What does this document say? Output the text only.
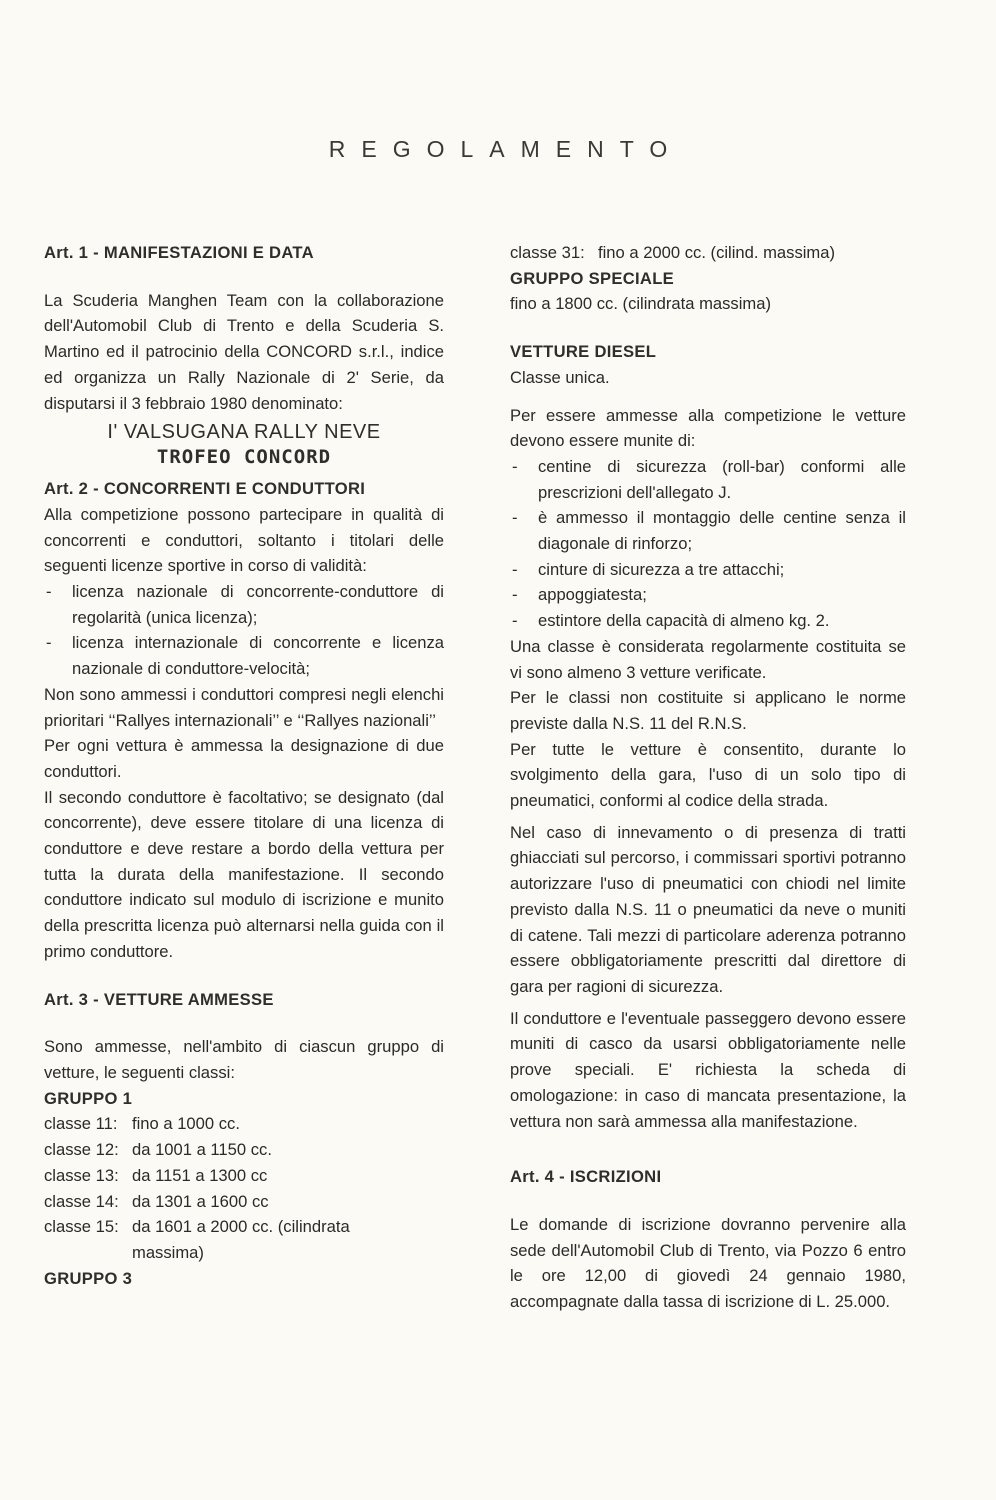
REGOLAMENTO
Art. 1 - MANIFESTAZIONI E DATA
La Scuderia Manghen Team con la collaborazione dell'Automobil Club di Trento e della Scuderia S. Martino ed il patrocinio della CONCORD s.r.l., indice ed organizza un Rally Nazionale di 2' Serie, da disputarsi il 3 febbraio 1980 denominato:
I' VALSUGANA RALLY NEVE
TROFEO CONCORD
Art. 2 - CONCORRENTI E CONDUTTORI
Alla competizione possono partecipare in qualità di concorrenti e conduttori, soltanto i titolari delle seguenti licenze sportive in corso di validità:
-	licenza nazionale di concorrente-conduttore di regolarità (unica licenza);
-	licenza internazionale di concorrente e licenza nazionale di conduttore-velocità;
Non sono ammessi i conduttori compresi negli elenchi prioritari ‘‘Rallyes internazionali’’ e ‘‘Rallyes nazionali’’
Per ogni vettura è ammessa la designazione di due conduttori.
Il secondo conduttore è facoltativo; se designato (dal concorrente), deve essere titolare di una licenza di conduttore e deve restare a bordo della vettura per tutta la durata della manifestazione. Il secondo conduttore indicato sul modulo di iscrizione e munito della prescritta licenza può alternarsi nella guida con il primo conduttore.
Art. 3 - VETTURE AMMESSE
Sono ammesse, nell'ambito di ciascun gruppo di vetture, le seguenti classi:
GRUPPO 1
classe 11: fino a 1000 cc.
classe 12: da 1001 a 1150 cc.
classe 13: da 1151 a 1300 cc
classe 14: da 1301 a 1600 cc
classe 15: da 1601 a 2000 cc. (cilindrata
massima)
GRUPPO 3
classe 31: fino a 2000 cc. (cilind. massima)
GRUPPO SPECIALE
fino a 1800 cc. (cilindrata massima)
VETTURE DIESEL
Classe unica.
Per essere ammesse alla competizione le vetture devono essere munite di:
-	centine di sicurezza (roll-bar) conformi alle prescrizioni dell'allegato J.
-	è ammesso il montaggio delle centine senza il diagonale di rinforzo;
-	cinture di sicurezza a tre attacchi;
-	appoggiatesta;
-	estintore della capacità di almeno kg. 2.
Una classe è considerata regolarmente costituita se vi sono almeno 3 vetture verificate.
Per le classi non costituite si applicano le norme previste dalla N.S. 11 del R.N.S.
Per tutte le vetture è consentito, durante lo svolgimento della gara, l'uso di un solo tipo di pneumatici, conformi al codice della strada.
Nel caso di innevamento o di presenza di tratti ghiacciati sul percorso, i commissari sportivi potranno autorizzare l'uso di pneumatici con chiodi nel limite previsto dalla N.S. 11 o pneumatici da neve o muniti di catene. Tali mezzi di particolare aderenza potranno essere obbligatoriamente prescritti dal direttore di gara per ragioni di sicurezza.
Il conduttore e l'eventuale passeggero devono essere muniti di casco da usarsi obbligatoriamente nelle prove speciali. E' richiesta la scheda di omologazione: in caso di mancata presentazione, la vettura non sarà ammessa alla manifestazione.
Art. 4 - ISCRIZIONI
Le domande di iscrizione dovranno pervenire alla sede dell'Automobil Club di Trento, via Pozzo 6 entro le ore 12,00 di giovedì 24 gennaio 1980, accompagnate dalla tassa di iscrizione di L. 25.000.
